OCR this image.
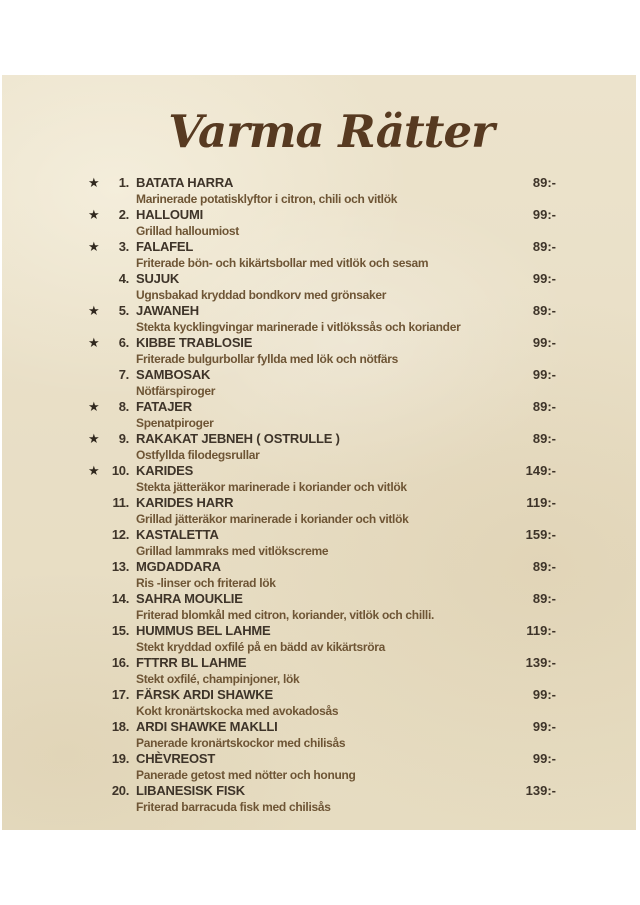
Varma Rätter
★	1. BATATA HARRA	89:-
Marinerade potatisklyftor i citron, chili och vitlök
★	2. HALLOUMI	99:-
Grillad halloumiost
★	3. FALAFEL	89:-
Friterade bön- och kikärtsbollar med vitlök och sesam
4. SUJUK	99:-
Ugnsbakad kryddad bondkorv med grönsaker
★	5. JAWANEH	89:-
Stekta kycklingvingar marinerade i vitlökssås och koriander
★	6. KIBBE TRABLOSIE	99:-
Friterade bulgurbollar fyllda med lök och nötfärs
7. SAMBOSAK	99:-
Nötfärspiroger
★	8. FATAJER	89:-
Spenatpiroger
★	9. RAKAKAT JEBNEH ( OSTRULLE )	89:-
Ostfyllda filodegsrullar
★ 10. KARIDES	149:-
Stekta jätteräkor marinerade i koriander och vitlök
11. KARIDES HARR	119:-
Grillad jätteräkor marinerade i koriander och vitlök
12. KASTALETTA	159:-
Grillad lammraks med vitlökscreme
13. MGDADDARA	89:-
Ris -linser och friterad lök
14. SAHRA MOUKLIE	89:-
Friterad blomkål med citron, koriander, vitlök och chilli.
15. HUMMUS BEL LAHME	119:-
Stekt kryddad oxfilé på en bädd av kikärtsröra
16. FTTRR BL LAHME	139:-
Stekt oxfilé, champinjoner, lök
17. FÄRSK ARDI SHAWKE	99:-
Kokt kronärtskocka med avokadosås
18. ARDI SHAWKE MAKLLI	99:-
Panerade kronärtskockor med chilisås
19. CHÈVREOST	99:-
Panerade getost med nötter och honung
20. LIBANESISK FISK	139:-
Friterad barracuda fisk med chilisås
